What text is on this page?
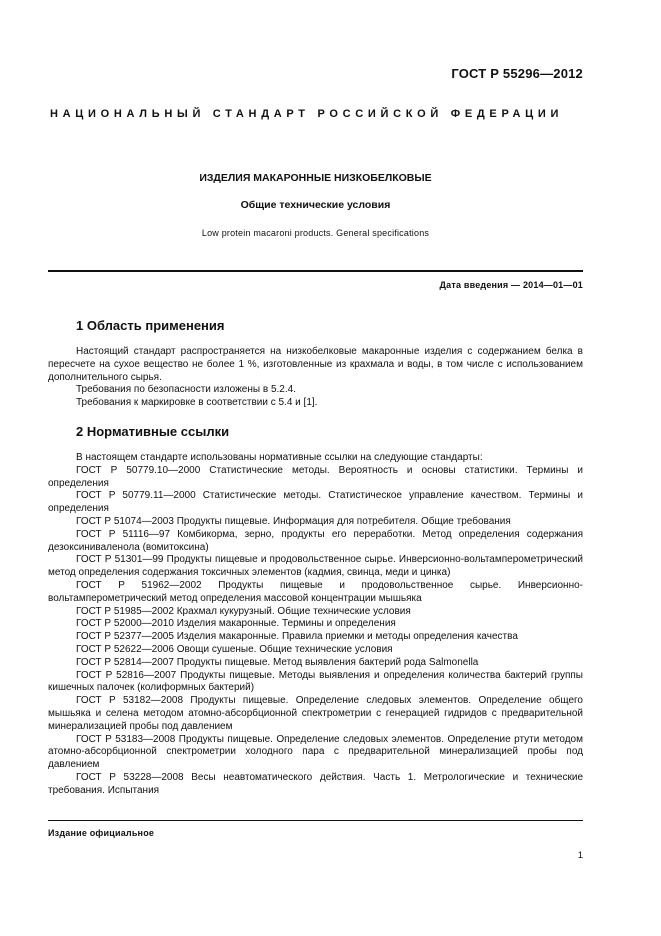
ГОСТ Р 55296—2012
НАЦИОНАЛЬНЫЙ СТАНДАРТ РОССИЙСКОЙ ФЕДЕРАЦИИ
ИЗДЕЛИЯ МАКАРОННЫЕ НИЗКОБЕЛКОВЫЕ
Общие технические условия
Low protein macaroni products. General specifications
Дата введения — 2014—01—01
1 Область применения

Настоящий стандарт распространяется на низкобелковые макаронные изделия с содержанием белка в пересчете на сухое вещество не более 1 %, изготовленные из крахмала и воды, в том числе с использованием дополнительного сырья.

Требования по безопасности изложены в 5.2.4.

Требования к маркировке в соответствии с 5.4 и [1].

2 Нормативные ссылки

В настоящем стандарте использованы нормативные ссылки на следующие стандарты:

ГОСТ Р 50779.10—2000 Статистические методы. Вероятность и основы статистики. Термины и определения

ГОСТ Р 50779.11—2000 Статистические методы. Статистическое управление качеством. Термины и определения

ГОСТ Р 51074—2003 Продукты пищевые. Информация для потребителя. Общие требования

ГОСТ Р 51116—97 Комбикорма, зерно, продукты его переработки. Метод определения содержания дезоксиниваленола (вомитоксина)

ГОСТ Р 51301—99 Продукты пищевые и продовольственное сырье. Инверсионно-вольтамперометрический метод определения содержания токсичных элементов (кадмия, свинца, меди и цинка)

ГОСТ Р 51962—2002 Продукты пищевые и продовольственное сырье. Инверсионно-вольтамперометрический метод определения массовой концентрации мышьяка

ГОСТ Р 51985—2002 Крахмал кукурузный. Общие технические условия

ГОСТ Р 52000—2010 Изделия макаронные. Термины и определения

ГОСТ Р 52377—2005 Изделия макаронные. Правила приемки и методы определения качества

ГОСТ Р 52622—2006 Овощи сушеные. Общие технические условия

ГОСТ Р 52814—2007 Продукты пищевые. Метод выявления бактерий рода Salmonella

ГОСТ Р 52816—2007 Продукты пищевые. Методы выявления и определения количества бактерий группы кишечных палочек (колиформных бактерий)

ГОСТ Р 53182—2008 Продукты пищевые. Определение следовых элементов. Определение общего мышьяка и селена методом атомно-абсорбционной спектрометрии с генерацией гидридов с предварительной минерализацией пробы под давлением

ГОСТ Р 53183—2008 Продукты пищевые. Определение следовых элементов. Определение ртути методом атомно-абсорбционной спектрометрии холодного пара с предварительной минерализацией пробы под давлением

ГОСТ Р 53228—2008 Весы неавтоматического действия. Часть 1. Метрологические и технические требования. Испытания

Издание официальное
1
